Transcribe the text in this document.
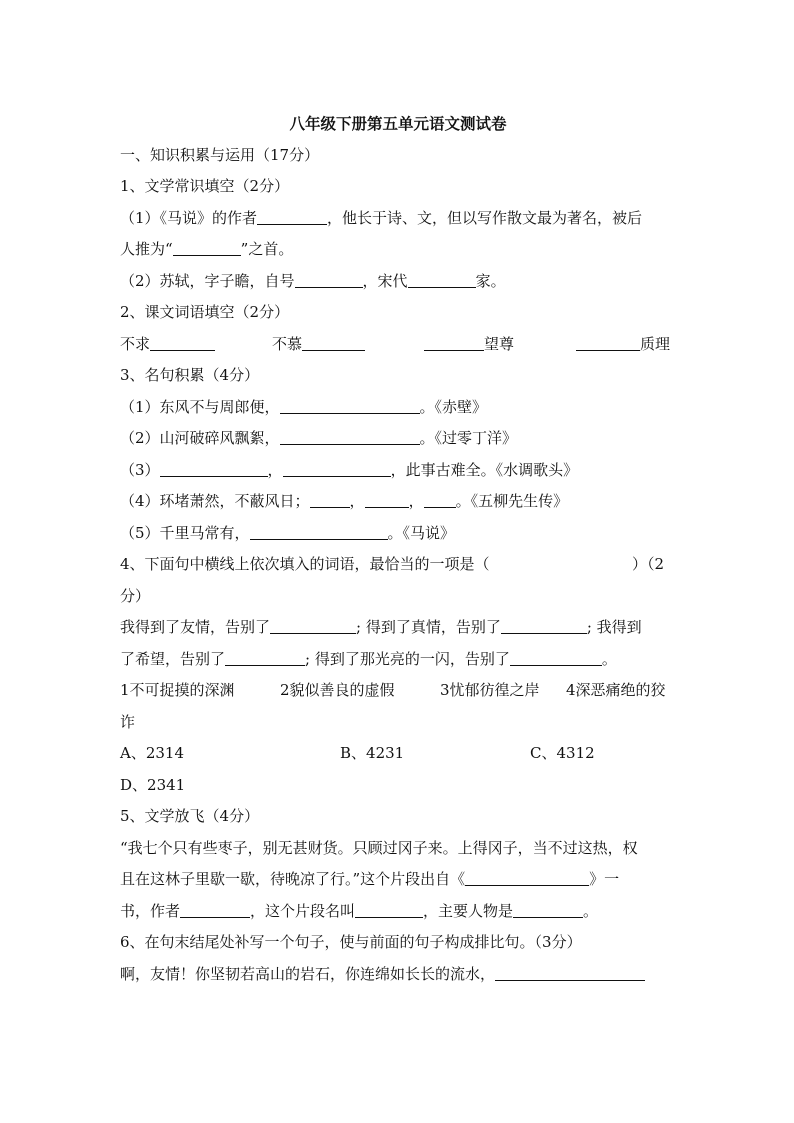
八年级下册第五单元语文测试卷

一、知识积累与运用（17分）

1、文学常识填空（2分）

（1）《马说》的作者	，他长于诗、文，但以写作散文最为著名，被后

人推为“	”之首。

（2）苏轼，字子瞻，自号	，宋代	家。

2、课文词语填空（2分）

不求	不慕	望尊	质理

3、名句积累（4分）

（1）东风不与周郎便，	。《赤壁》

（2）山河破碎风飘絮，	。《过零丁洋》

（3）	，	，此事古难全。《水调歌头》

（4）环堵萧然，不蔽风日；	，	， 。《五柳先生传》

（5）千里马常有，	。《马说》

4、下面句中横线上依次填入的词语，最恰当的一项是（	）（2

分）

我得到了友情，告别了	; 得到了真情，告别了	; 我得到

了希望，告别了	; 得到了那光亮的一闪，告别了	。

1不可捉摸的深渊	2貌似善良的虚假	3忧郁彷徨之岸 4深恶痛绝的狡

诈

A、2314	B、4231	C、4312

D、2341

5、文学放飞（4分）

“我七个只有些枣子，别无甚财货。只顾过冈子来。上得冈子，当不过这热，权

且在这林子里歇一歇，待晚凉了行。”这个片段出自《	》一

书，作者	，这个片段名叫	，主要人物是	。

6、在句末结尾处补写一个句子，使与前面的句子构成排比句。（3分）

啊，友情！你坚韧若高山的岩石，你连绵如长长的流水，
